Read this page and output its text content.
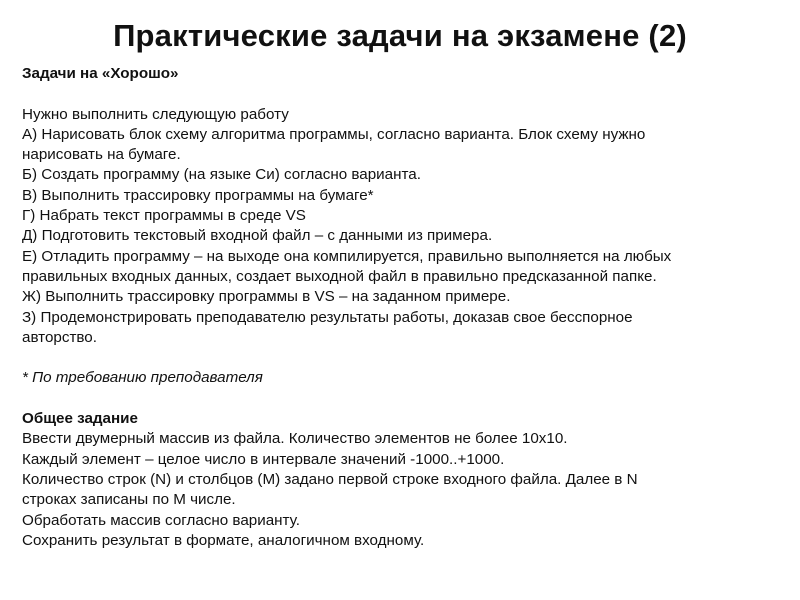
Практические задачи на экзамене (2)
Задачи на «Хорошо»
Нужно выполнить следующую работу
А) Нарисовать блок схему алгоритма программы, согласно варианта. Блок схему нужно
нарисовать на бумаге.
Б) Создать программу (на языке Си) согласно варианта.
В) Выполнить трассировку программы на бумаге*
Г) Набрать текст программы в среде VS
Д) Подготовить текстовый входной файл – с данными из примера.
Е) Отладить программу – на выходе она компилируется, правильно выполняется на любых
правильных входных данных, создает выходной файл в правильно предсказанной папке.
Ж) Выполнить трассировку программы в VS – на заданном примере.
З) Продемонстрировать преподавателю результаты работы, доказав свое бесспорное
авторство.
* По требованию преподавателя
Общее задание
Ввести двумерный массив из файла. Количество элементов не более 10х10.
Каждый элемент – целое число в интервале значений -1000..+1000.
Количество строк (N) и столбцов (M) задано первой строке входного файла. Далее в N
строках записаны по M числе.
Обработать массив согласно варианту.
Сохранить результат в формате, аналогичном входному.
